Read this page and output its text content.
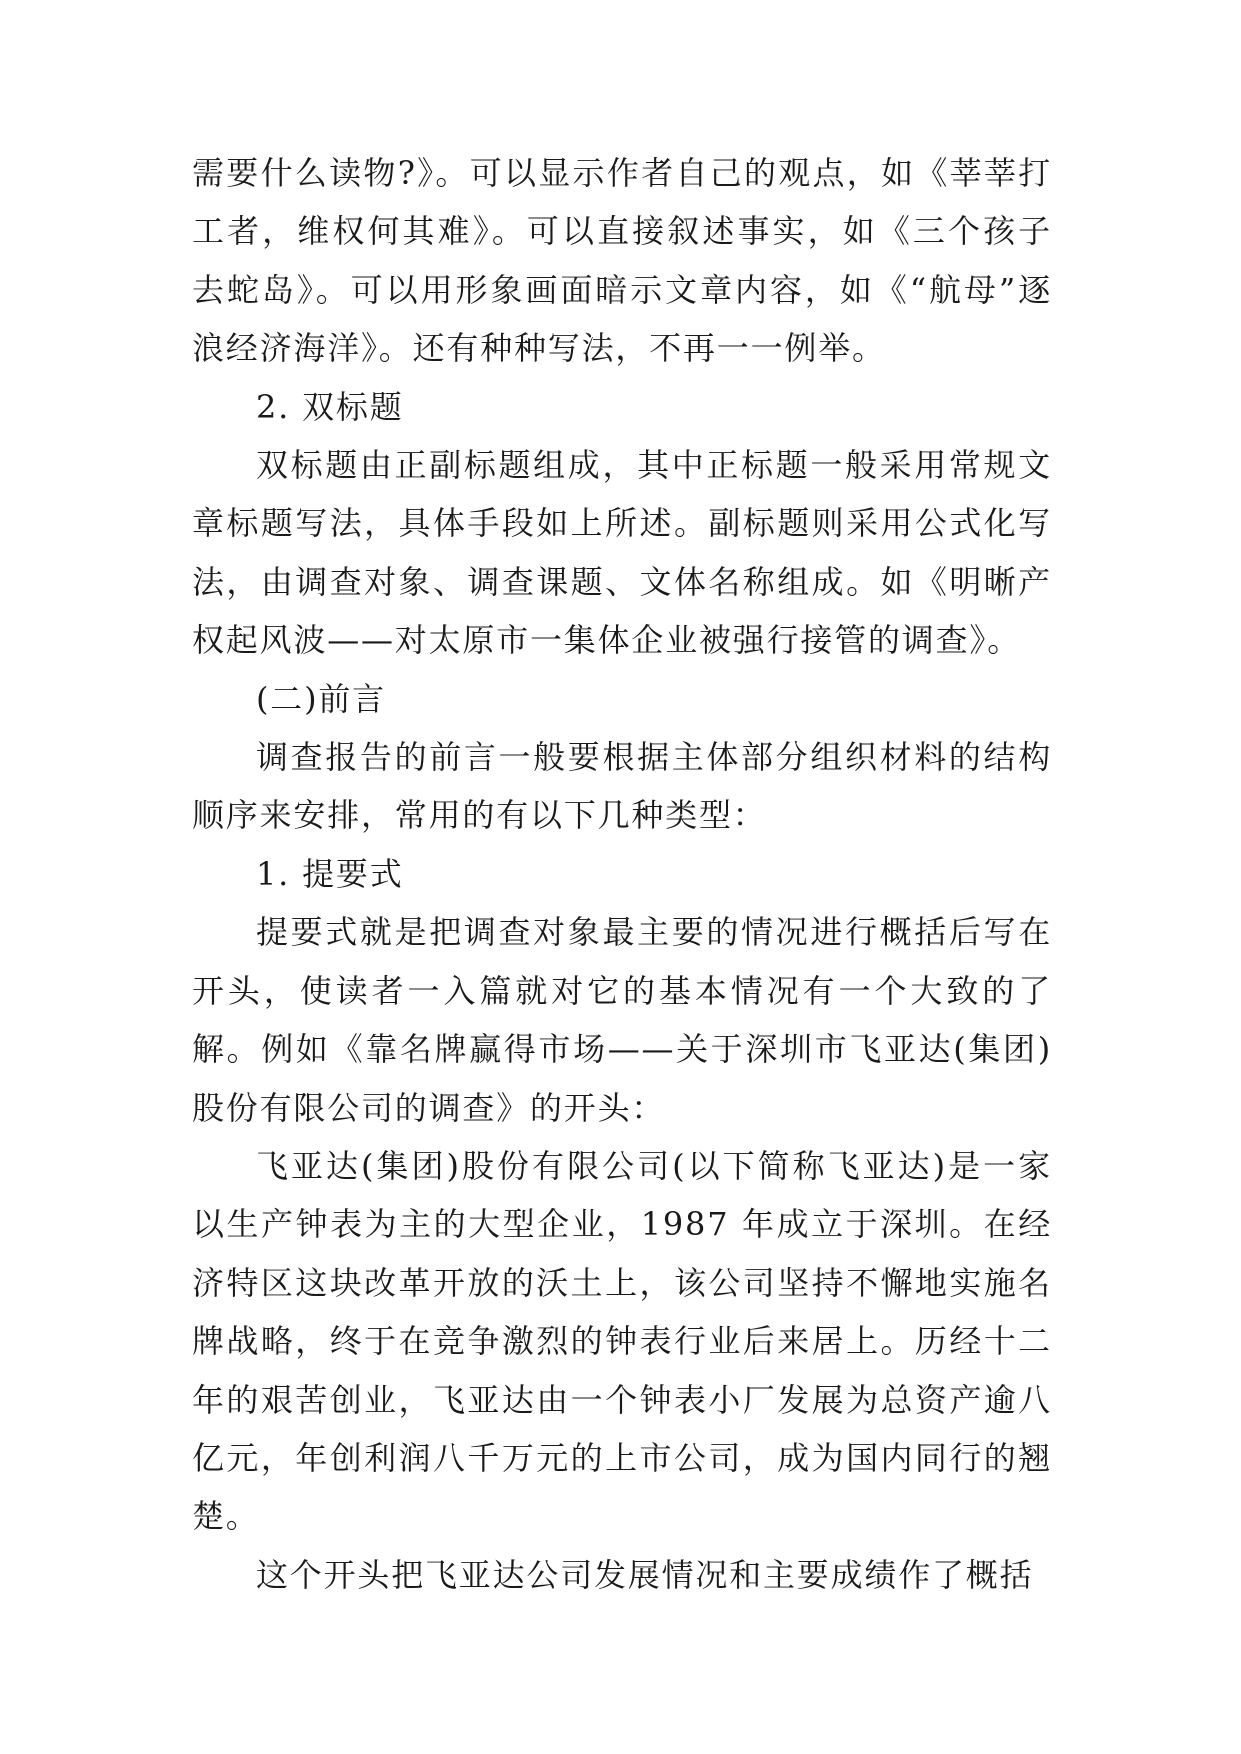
需要什么读物?》。可以显示作者自己的观点，如《莘莘打工者，维权何其难》。可以直接叙述事实，如《三个孩子去蛇岛》。可以用形象画面暗示文章内容，如《“航母”逐浪经济海洋》。还有种种写法，不再一一例举。

2. 双标题

双标题由正副标题组成，其中正标题一般采用常规文章标题写法，具体手段如上所述。副标题则采用公式化写法，由调查对象、调查课题、文体名称组成。如《明晰产权起风波——对太原市一集体企业被强行接管的调查》。

(二)前言

调查报告的前言一般要根据主体部分组织材料的结构顺序来安排，常用的有以下几种类型：

1. 提要式

提要式就是把调查对象最主要的情况进行概括后写在开头，使读者一入篇就对它的基本情况有一个大致的了解。例如《靠名牌赢得市场——关于深圳市飞亚达(集团)股份有限公司的调查》的开头：

飞亚达(集团)股份有限公司(以下简称飞亚达)是一家以生产钟表为主的大型企业，1987 年成立于深圳。在经济特区这块改革开放的沃土上，该公司坚持不懈地实施名牌战略，终于在竞争激烈的钟表行业后来居上。历经十二年的艰苦创业，飞亚达由一个钟表小厂发展为总资产逾八亿元，年创利润八千万元的上市公司，成为国内同行的翘楚。

这个开头把飞亚达公司发展情况和主要成绩作了概括
